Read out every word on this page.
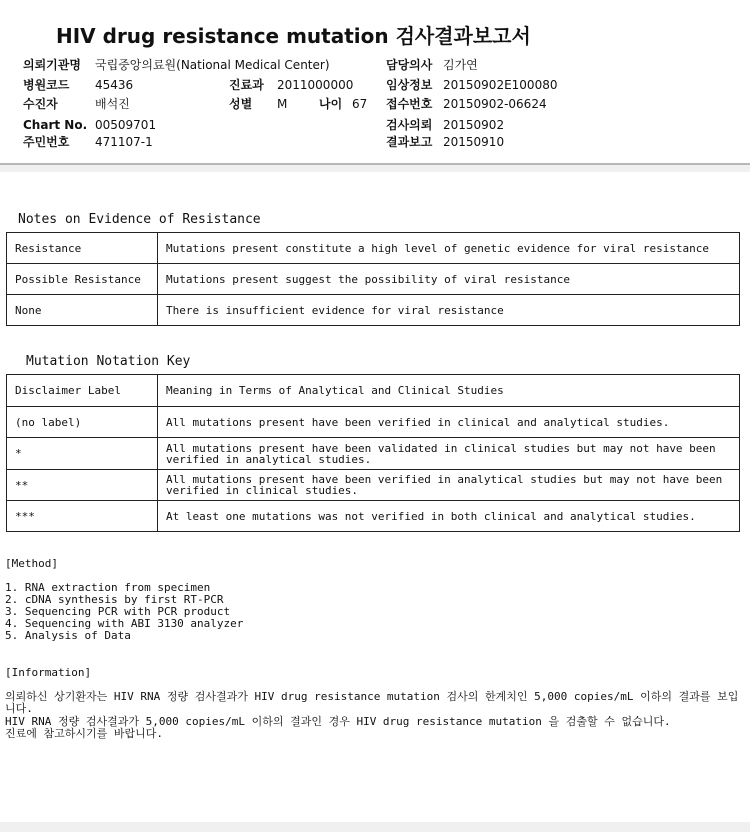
HIV drug resistance mutation 검사결과보고서
의뢰기관명 국립중앙의료원(National Medical Center)
병원코드 45436	진료과 2011000000
수진자	배석진	성별 M	나이 67
Chart No. 00509701
주민번호 471107-1
담당의사 김가연
임상정보 20150902E100080
접수번호 20150902-06624
검사의뢰 20150902
결과보고 20150910
Notes on Evidence of Resistance
Resistance	Mutations present constitute a high level of genetic evidence for viral resistance
Possible Resistance	Mutations present suggest the possibility of viral resistance
None	There is insufficient evidence for viral resistance
Mutation Notation Key
Disclaimer Label	Meaning in Terms of Analytical and Clinical Studies
(no label)	All mutations present have been verified in clinical and analytical studies.
*	All mutations present have been validated in clinical studies but may not have been verified in analytical studies.
**	All mutations present have been verified in analytical studies but may not have been verified in clinical studies.
***	At least one mutations was not verified in both clinical and analytical studies.
[Method]
1. RNA extraction from specimen
2. cDNA synthesis by first RT-PCR
3. Sequencing PCR with PCR product
4. Sequencing with ABI 3130 analyzer
5. Analysis of Data
[Information]
의뢰하신 상기환자는 HIV RNA 정량 검사결과가 HIV drug resistance mutation 검사의 한계치인 5,000 copies/mL 이하의 결과를 보입니다.
HIV RNA 정량 검사결과가 5,000 copies/mL 이하의 결과인 경우 HIV drug resistance mutation 을 검출할 수 없습니다.
진료에 참고하시기를 바랍니다.
